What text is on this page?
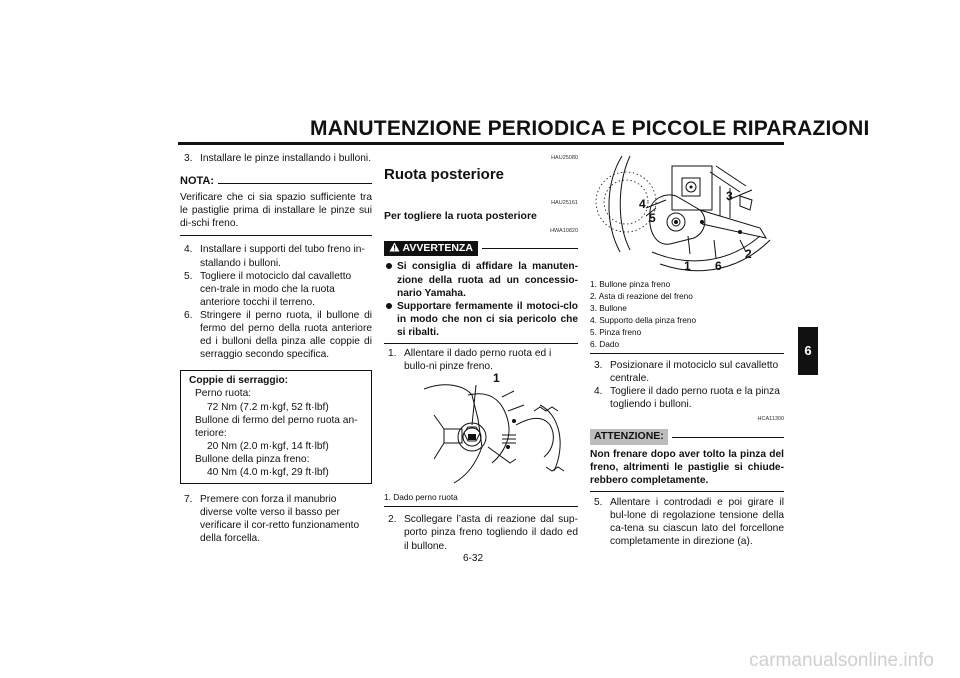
MANUTENZIONE PERIODICA E PICCOLE RIPARAZIONI
6
3. Installare le pinze installando i bulloni.
NOTA:
Verificare che ci sia spazio sufficiente tra le pastiglie prima di installare le pinze sui di-schi freno.
4. Installare i supporti del tubo freno in-stallando i bulloni.
5. Togliere il motociclo dal cavalletto cen-trale in modo che la ruota anteriore tocchi il terreno.
6. Stringere il perno ruota, il bullone di fermo del perno della ruota anteriore ed i bulloni della pinza alle coppie di serraggio secondo specifica.
Coppie di serraggio:
Perno ruota:
72 Nm (7.2 m·kgf, 52 ft·lbf)
Bullone di fermo del perno ruota an-
teriore:
20 Nm (2.0 m·kgf, 14 ft·lbf)
Bullone della pinza freno:
40 Nm (4.0 m·kgf, 29 ft·lbf)
7. Premere con forza il manubrio diverse volte verso il basso per verificare il cor-retto funzionamento della forcella.
HAU25080
Ruota posteriore
HAU25161
Per togliere la ruota posteriore
HWA10820
AVVERTENZA
Si consiglia di affidare la manuten-zione della ruota ad un concessio-nario Yamaha.
Supportare fermamente il motoci-clo in modo che non ci sia pericolo che si ribalti.
1. Allentare il dado perno ruota ed i bullo-ni pinze freno.
1
1. Dado perno ruota
2. Scollegare l’asta di reazione dal sup-porto pinza freno togliendo il dado ed il bullone.
1
2
3
4
5
6
1. Bullone pinza freno
2. Asta di reazione del freno
3. Bullone
4. Supporto della pinza freno
5. Pinza freno
6. Dado
3. Posizionare il motociclo sul cavalletto centrale.
4. Togliere il dado perno ruota e la pinza togliendo i bulloni.
HCA11300
ATTENZIONE:
Non frenare dopo aver tolto la pinza del freno, altrimenti le pastiglie si chiude-rebbero completamente.
5. Allentare i controdadi e poi girare il bul-lone di regolazione tensione della ca-tena su ciascun lato del forcellone completamente in direzione (a).
6-32
carmanualsonline.info
